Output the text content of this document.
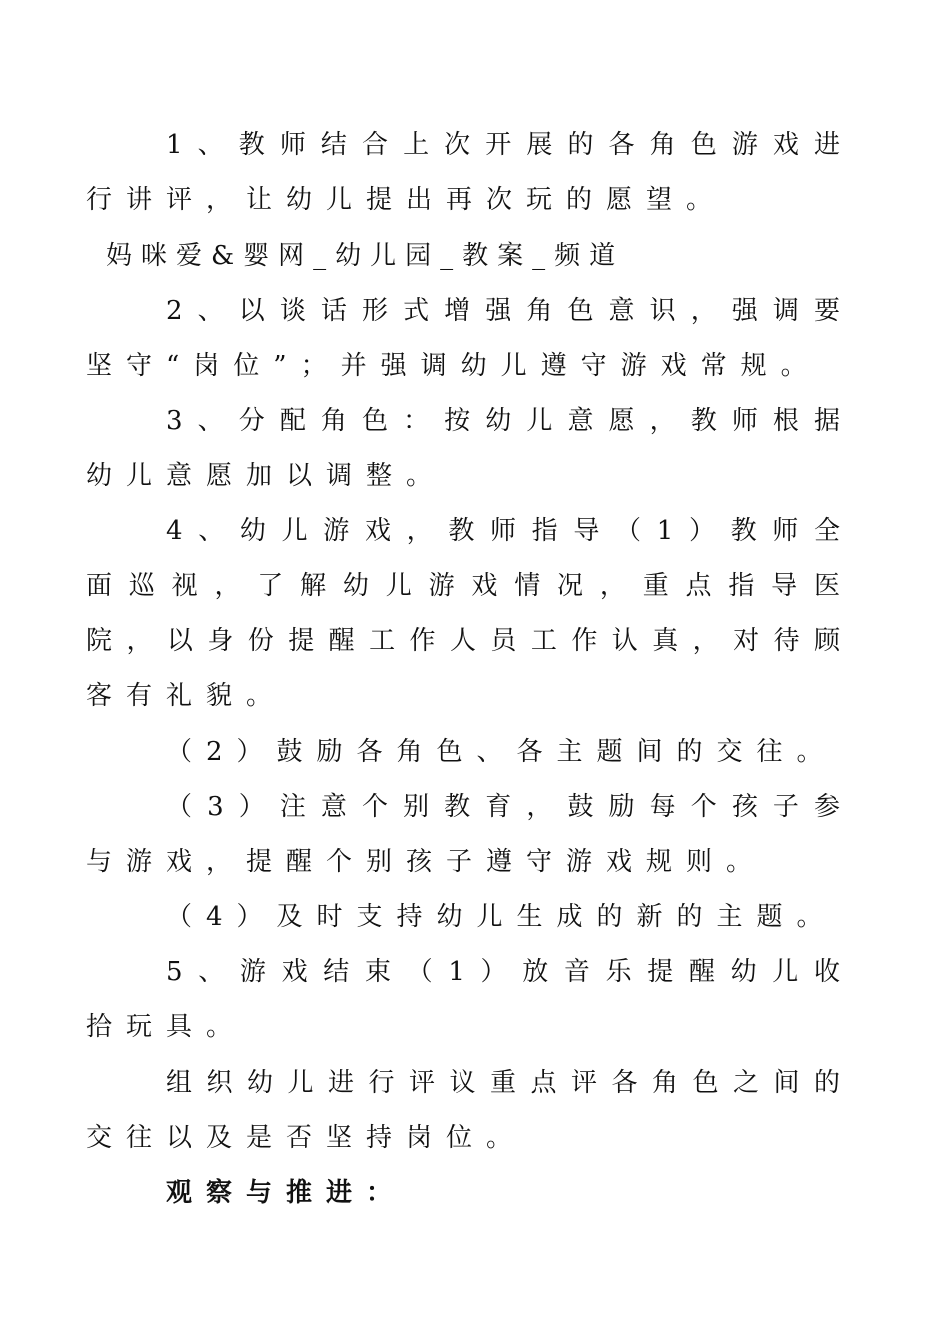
1、教师结合上次开展的各角色游戏进行讲评，让幼儿提出再次玩的愿望。

妈咪爱&婴网_幼儿园_教案_频道

2、以谈话形式增强角色意识，强调要坚守“岗位”；并强调幼儿遵守游戏常规。

3、分配角色：按幼儿意愿，教师根据幼儿意愿加以调整。

4、幼儿游戏，教师指导（1）教师全面巡视，了解幼儿游戏情况，重点指导医院，以身份提醒工作人员工作认真，对待顾客有礼貌。

（2）鼓励各角色、各主题间的交往。

（3）注意个别教育，鼓励每个孩子参与游戏，提醒个别孩子遵守游戏规则。

（4）及时支持幼儿生成的新的主题。

5、游戏结束（1）放音乐提醒幼儿收拾玩具。

组织幼儿进行评议重点评各角色之间的交往以及是否坚持岗位。

观察与推进：
